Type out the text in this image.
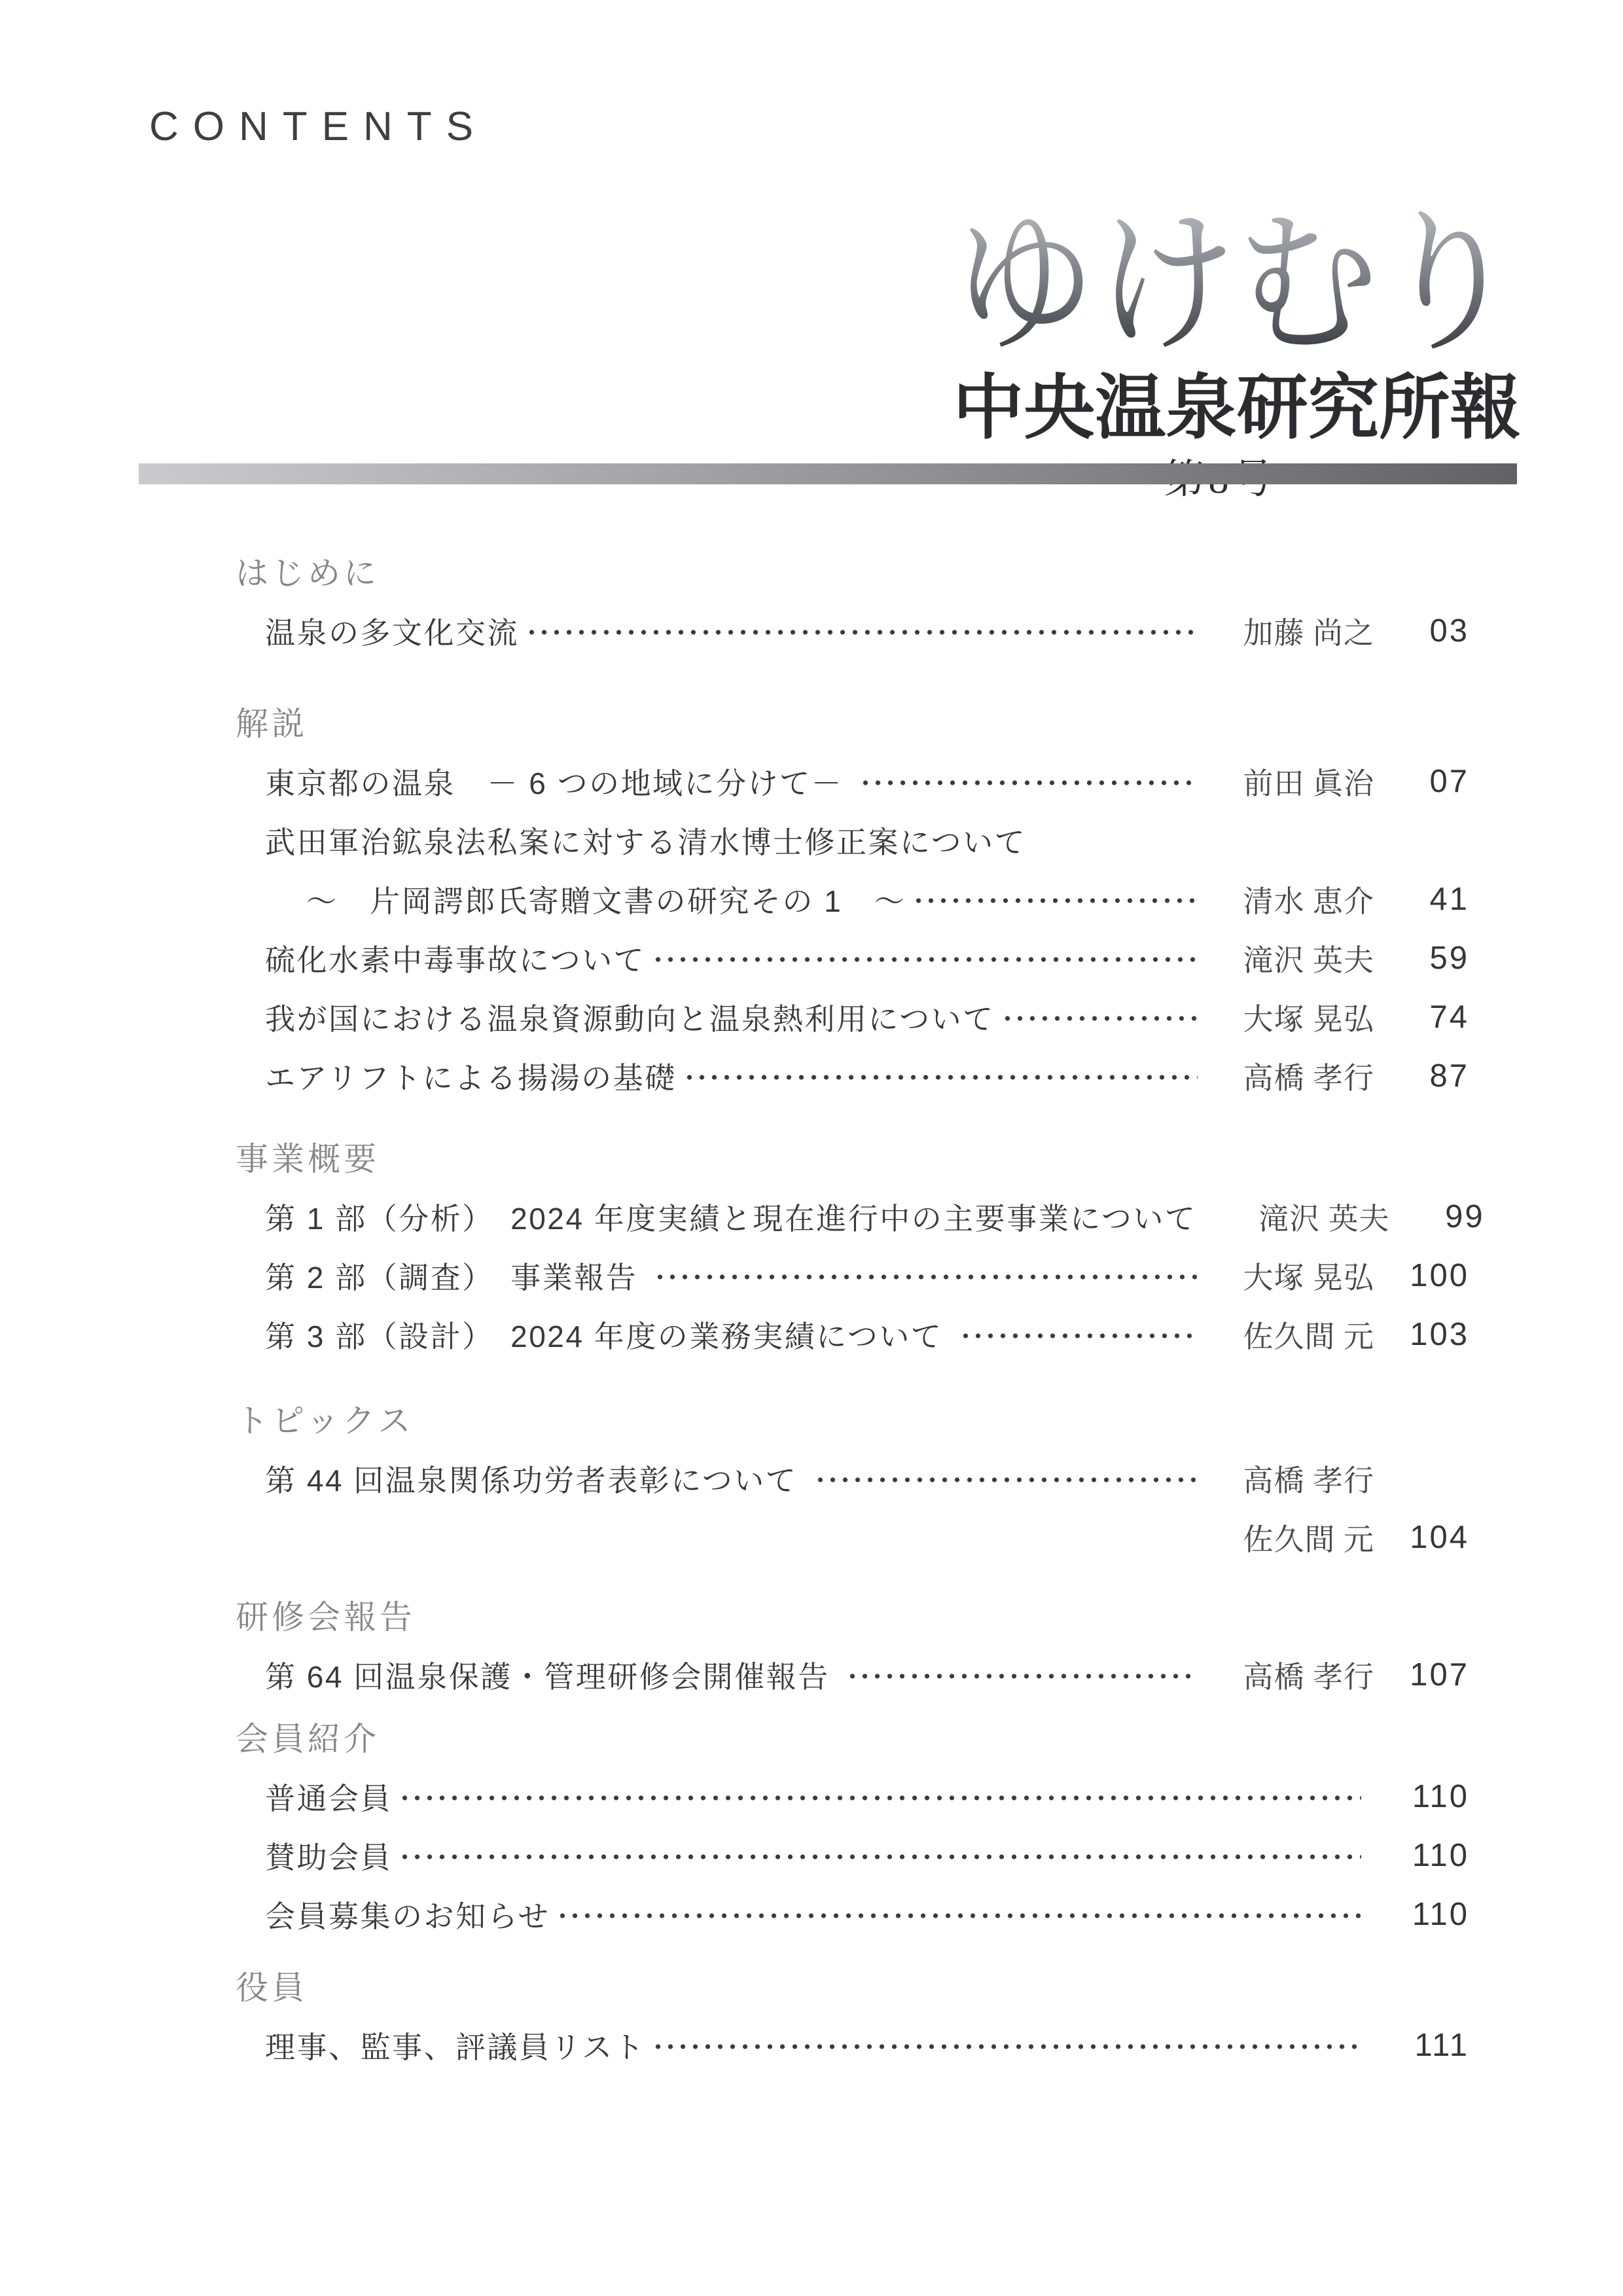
CONTENTS
ゆけむり
中央温泉研究所報
はじめに
温泉の多文化交流	加藤 尚之	03
解説
東京都の温泉　－ 6 つの地域に分けて－	前田 眞治	07
武田軍治鉱泉法私案に対する清水博士修正案について
～　片岡諤郎氏寄贈文書の研究その 1　～	清水 恵介	41
硫化水素中毒事故について	滝沢 英夫	59
我が国における温泉資源動向と温泉熱利用について	大塚 晃弘	74
エアリフトによる揚湯の基礎	高橋 孝行	87
事業概要
第 1 部（分析）　2024 年度実績と現在進行中の主要事業について	滝沢 英夫	99
第 2 部（調査）　事業報告	大塚 晃弘	100
第 3 部（設計）　2024 年度の業務実績について	佐久間 元	103
トピックス
第 44 回温泉関係功労者表彰について	高橋 孝行
佐久間 元	104
研修会報告
第 64 回温泉保護・管理研修会開催報告	高橋 孝行	107
会員紹介
普通会員	110
賛助会員	110
会員募集のお知らせ	110
役員
理事、監事、評議員リスト	111
